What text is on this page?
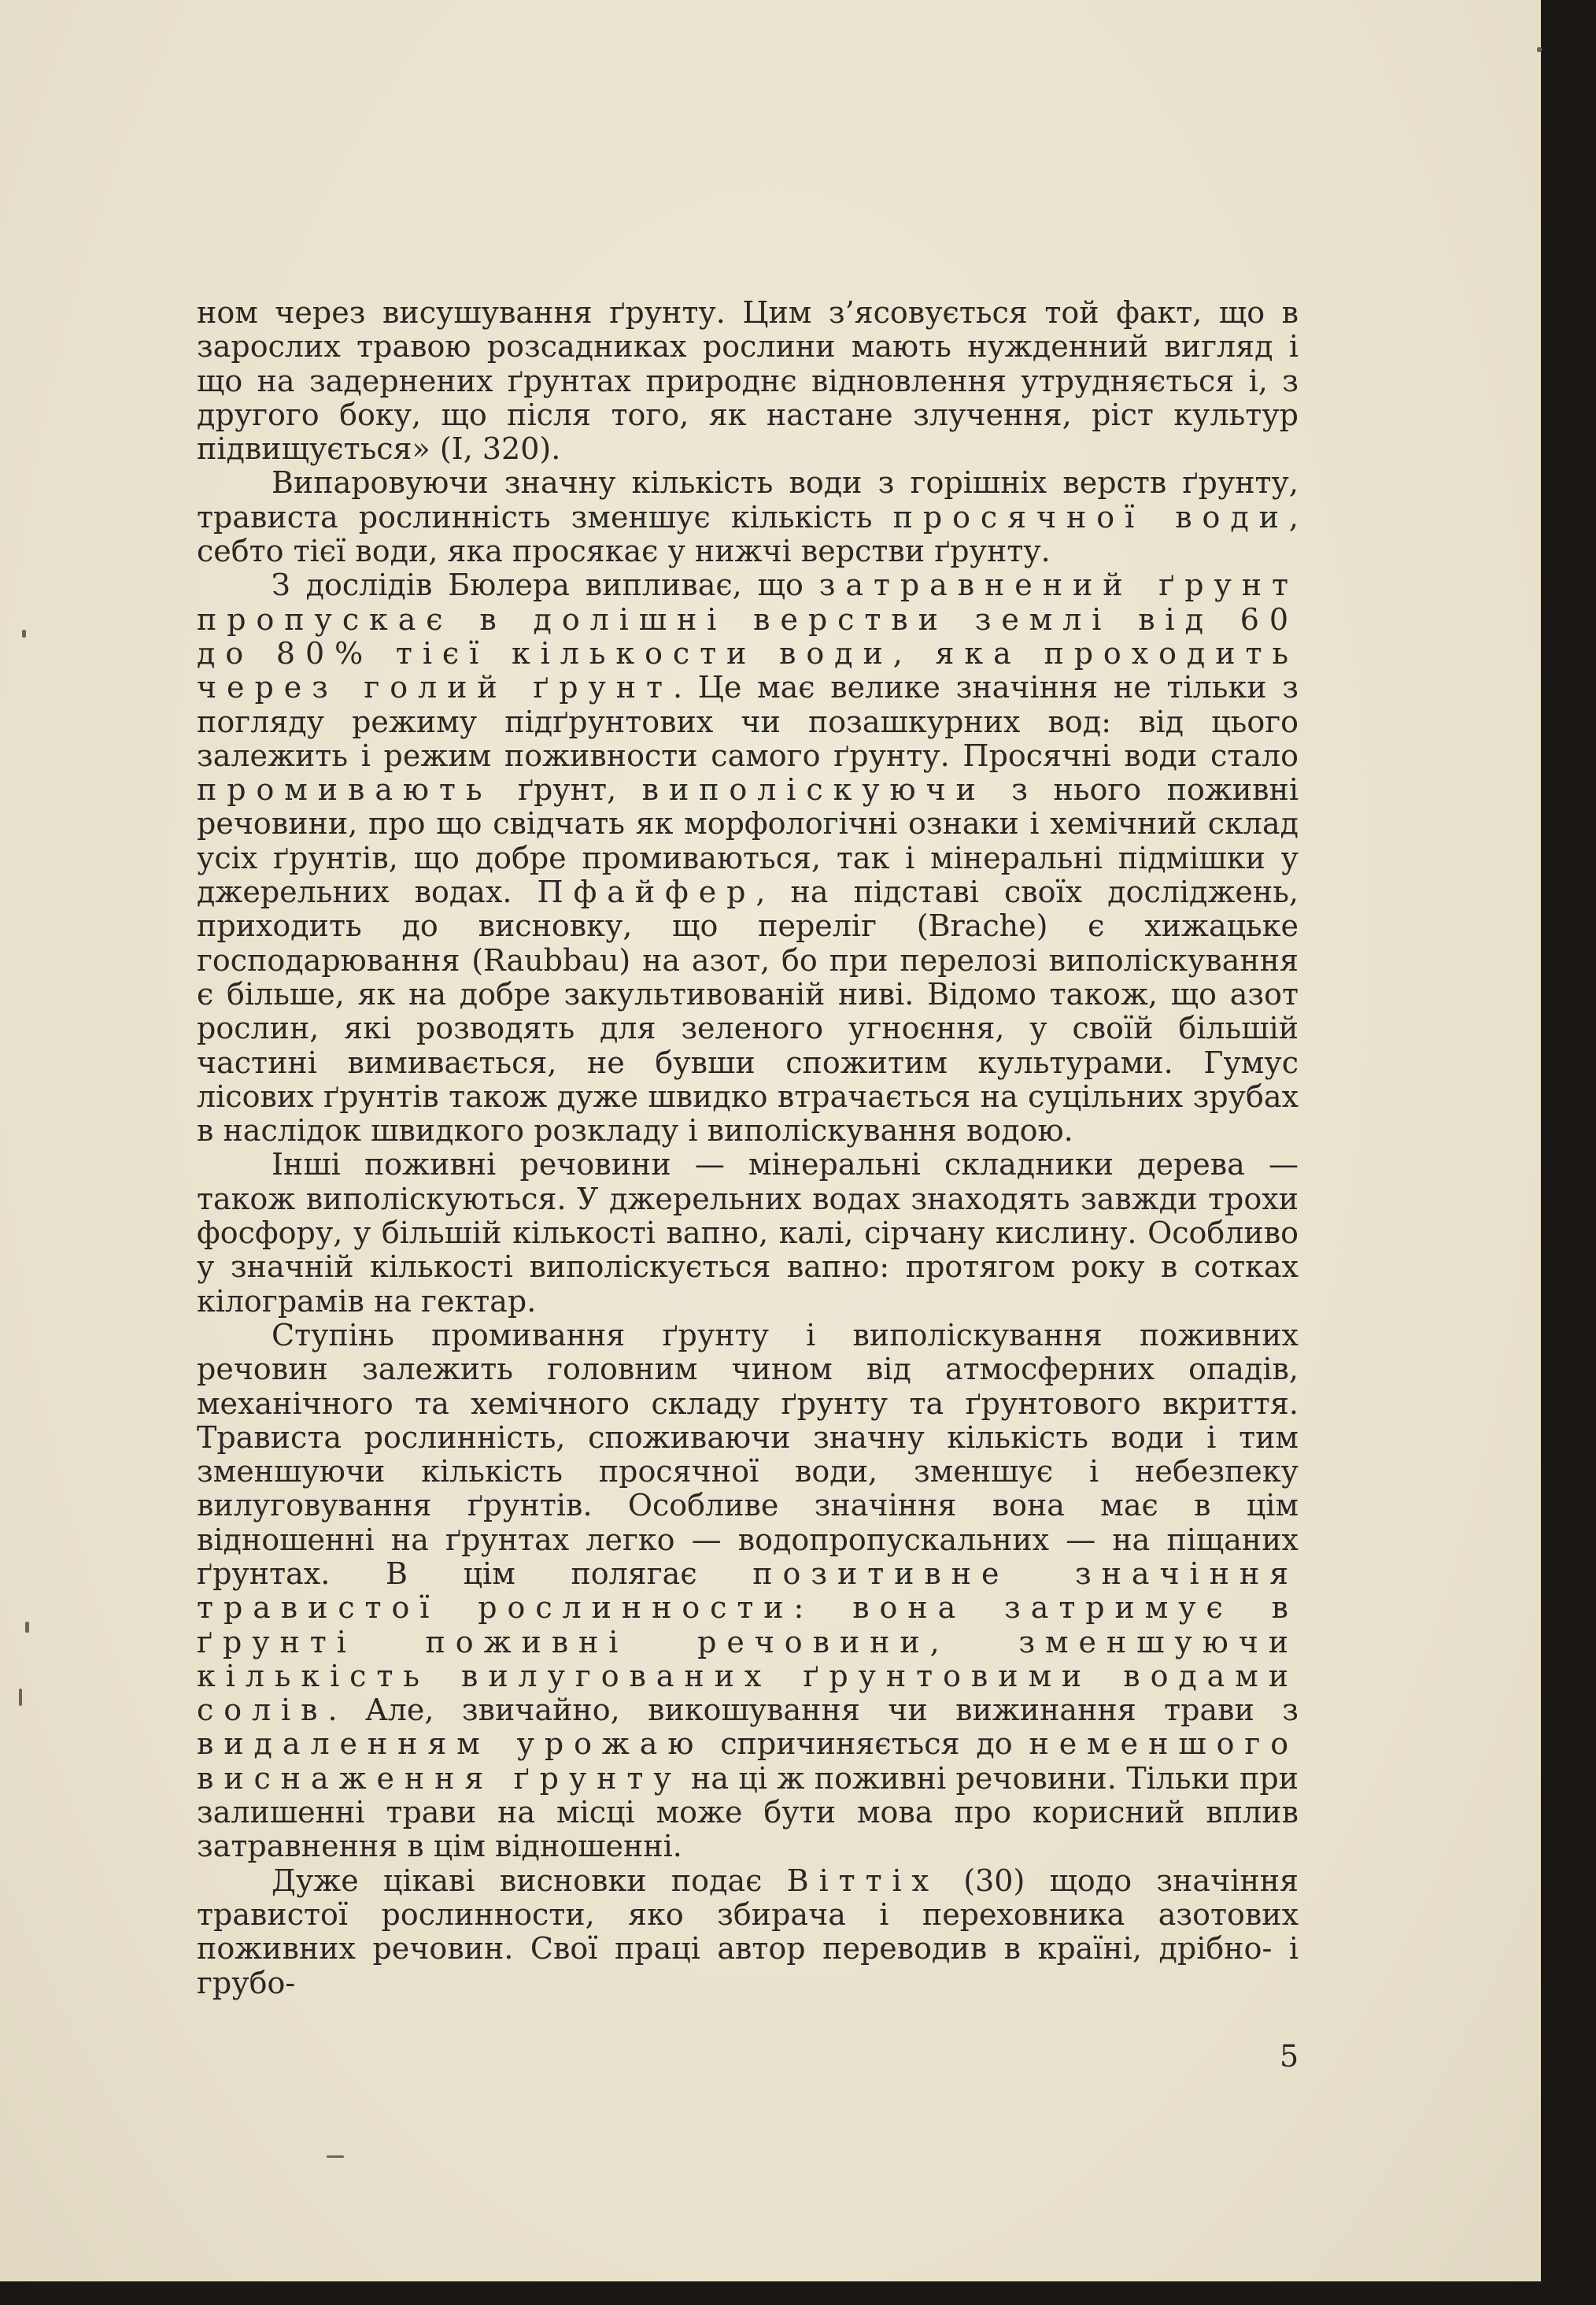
ном через висушування ґрунту. Цим з’ясовується той факт, що в зарослих травою розсадниках рослини мають нужденний вигляд і що на задернених ґрунтах природнє відновлення утрудняється і, з другого боку, що після того, як настане злучення, ріст культур підвищується» (I, 320).

Випаровуючи значну кількість води з горішніх верств ґрунту, трависта рослинність зменшує кількість просячної води, себто тієї води, яка просякає у нижчі верстви ґрунту.

З дослідів Бюлера випливає, що затравнений ґрунт пропускає в долішні верстви землі від 60 до 80% тієї кількости води, яка проходить через голий ґрунт. Це має велике значіння не тільки з погляду режиму підґрунтових чи позашкурних вод: від цього залежить і режим поживности самого ґрунту. Просячні води стало промивають ґрунт, виполіскуючи з нього поживні речовини, про що свідчать як морфологічні ознаки і хемічний склад усіх ґрунтів, що добре промиваються, так і мінеральні підмішки у джерельних водах. Пфайфер, на підставі своїх досліджень, приходить до висновку, що переліг (Brache) є хижацьке господарювання (Raubbau) на азот, бо при перелозі виполіскування є більше, як на добре закультивованій ниві. Відомо також, що азот рослин, які розводять для зеленого угноєння, у своїй більшій частині вимивається, не бувши спожитим культурами. Гумус лісових ґрунтів також дуже швидко втрачається на суцільних зрубах в наслідок швидкого розкладу і виполіскування водою.

Інші поживні речовини — мінеральні складники дерева — також виполіскуються. У джерельних водах знаходять завжди трохи фосфору, у більшій кількості вапно, калі, сірчану кислину. Особливо у значній кількості виполіскується вапно: протягом року в сотках кілограмів на гектар.

Ступінь промивання ґрунту і виполіскування поживних речовин залежить головним чином від атмосферних опадів, механічного та хемічного складу ґрунту та ґрунтового вкриття. Трависта рослинність, споживаючи значну кількість води і тим зменшуючи кількість просячної води, зменшує і небезпеку вилуговування ґрунтів. Особливе значіння вона має в цім відношенні на ґрунтах легко — водопропускальних — на піщаних ґрунтах. В цім полягає позитивне значіння травистої рослинности: вона затримує в ґрунті поживні речовини, зменшуючи кількість вилугованих ґрунтовими водами солів. Але, звичайно, викошування чи вижинання трави з видаленням урожаю спричиняється до неменшого виснаження ґрунту на ці ж поживні речовини. Тільки при залишенні трави на місці може бути мова про корисний вплив затравнення в цім відношенні.

Дуже цікаві висновки подає Віттіх (30) щодо значіння травистої рослинности, яко збирача і переховника азотових поживних речовин. Свої праці автор переводив в країні, дрібно- і грубо-

5
